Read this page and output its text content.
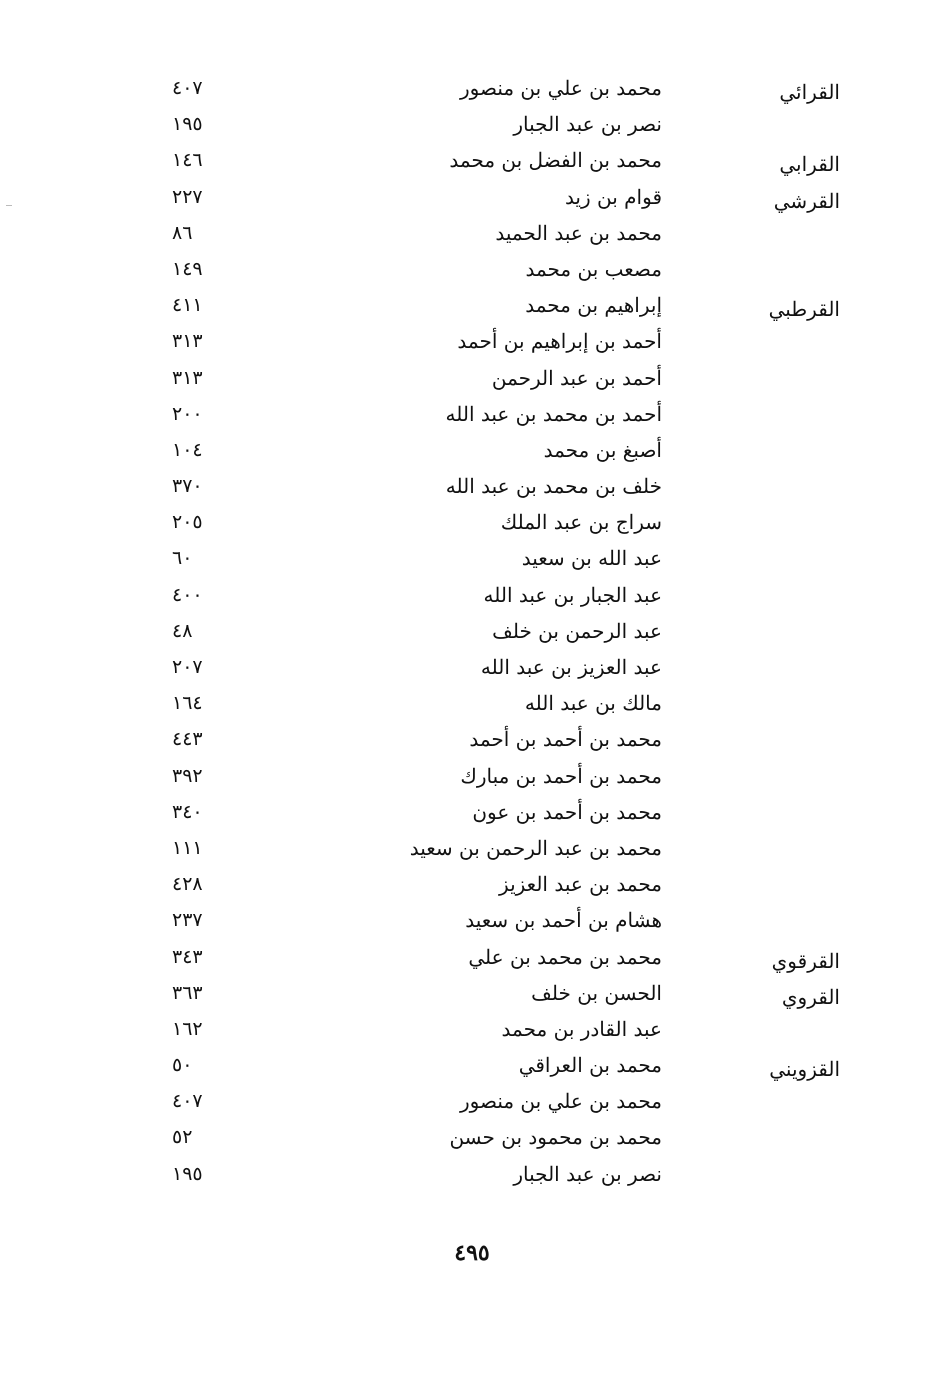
القرائي
محمد بن علي بن منصور
٤٠٧
نصر بن عبد الجبار
١٩٥
القرابي
محمد بن الفضل بن محمد
١٤٦
القرشي
قوام بن زيد
٢٢٧
محمد بن عبد الحميد
٨٦
مصعب بن محمد
١٤٩
القرطبي
إبراهيم بن محمد
٤١١
أحمد بن إبراهيم بن أحمد
٣١٣
أحمد بن عبد الرحمن
٣١٣
أحمد بن محمد بن عبد الله
٢٠٠
أصبغ بن محمد
١٠٤
خلف بن محمد بن عبد الله
٣٧٠
سراج بن عبد الملك
٢٠٥
عبد الله بن سعيد
٦٠
عبد الجبار بن عبد الله
٤٠٠
عبد الرحمن بن خلف
٤٨
عبد العزيز بن عبد الله
٢٠٧
مالك بن عبد الله
١٦٤
محمد بن أحمد بن أحمد
٤٤٣
محمد بن أحمد بن مبارك
٣٩٢
محمد بن أحمد بن عون
٣٤٠
محمد بن عبد الرحمن بن سعيد
١١١
محمد بن عبد العزيز
٤٢٨
هشام بن أحمد بن سعيد
٢٣٧
القرقوي
محمد بن محمد بن علي
٣٤٣
القروي
الحسن بن خلف
٣٦٣
عبد القادر بن محمد
١٦٢
القزويني
محمد بن العراقي
٥٠
محمد بن علي بن منصور
٤٠٧
محمد بن محمود بن حسن
٥٢
نصر بن عبد الجبار
١٩٥
٤٩٥
